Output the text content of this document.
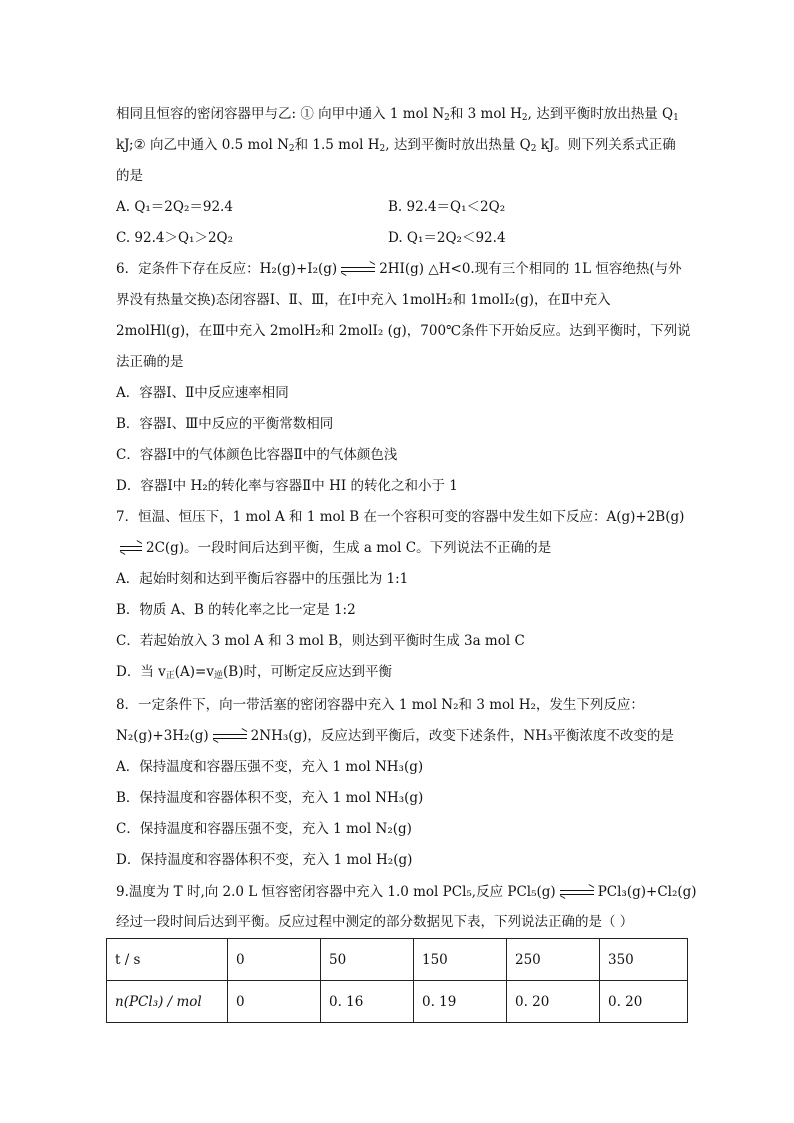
相同且恒容的密闭容器甲与乙: ① 向甲中通入 1 mol $N_2$和 3 mol $H_2$, 达到平衡时放出热量 $Q_1$
kJ;② 向乙中通入 0.5 mol $N_2$和 1.5 mol $H_2$, 达到平衡时放出热量 $Q_2$ kJ。则下列关系式正确
的是
A. Q₁＝2Q₂＝92.4	B. 92.4＝Q₁＜2Q₂
C. 92.4＞Q₁＞2Q₂	D. Q₁＝2Q₂＜92.4
6．定条件下存在反应：H₂(g)+I₂(g)	2HI(g) △H<0.现有三个相同的 1L 恒容绝热(与外
界没有热量交换)态闭容器Ⅰ、Ⅱ、Ⅲ，在Ⅰ中充入 1molH₂和 1molⅠ₂(g)，在Ⅱ中充入
2molHl(g)，在Ⅲ中充入 2molH₂和 2molI₂ (g)，700℃条件下开始反应。达到平衡时，下列说
法正确的是
A．容器Ⅰ、Ⅱ中反应速率相同
B．容器Ⅰ、Ⅲ中反应的平衡常数相同
C．容器Ⅰ中的气体颜色比容器Ⅱ中的气体颜色浅
D．容器Ⅰ中 H₂的转化率与容器Ⅱ中 HI 的转化之和小于 1
7．恒温、恒压下，1 mol A 和 1 mol B 在一个容积可变的容器中发生如下反应：A(g)+2B(g)
2C(g)。一段时间后达到平衡，生成 a mol C。下列说法不正确的是
A．起始时刻和达到平衡后容器中的压强比为 1:1
B．物质 A、B 的转化率之比一定是 1:2
C．若起始放入 3 mol A 和 3 mol B，则达到平衡时生成 3a mol C
D．当 $v_正(A)=v_逆(B)$时，可断定反应达到平衡
8．一定条件下，向一带活塞的密闭容器中充入 1 mol N₂和 3 mol H₂，发生下列反应：
N₂(g)+3H₂(g)	2NH₃(g)，反应达到平衡后，改变下述条件，NH₃平衡浓度不改变的是
A．保持温度和容器压强不变，充入 1 mol NH₃(g)
B．保持温度和容器体积不变，充入 1 mol NH₃(g)
C．保持温度和容器压强不变，充入 1 mol N₂(g)
D．保持温度和容器体积不变，充入 1 mol H₂(g)
9.温度为 T 时,向 2.0 L 恒容密闭容器中充入 1.0 mol PCl₅,反应 PCl₅(g)	PCl₃(g)+Cl₂(g)
经过一段时间后达到平衡。反应过程中测定的部分数据见下表，下列说法正确的是（ ）
t / s	0	50	150	250	350
n(PCl₃) / mol	0	0. 16	0. 19	0. 20	0. 20
